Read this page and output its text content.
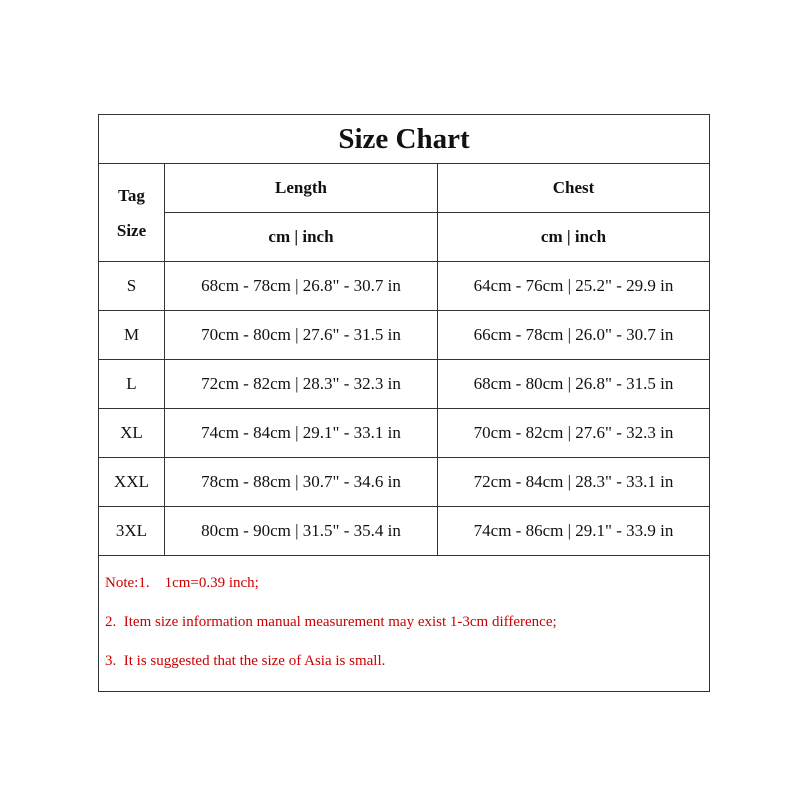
Size Chart
Tag
Size
Length	Chest
cm | inch	cm | inch
S	68cm - 78cm | 26.8" - 30.7 in	64cm - 76cm | 25.2" - 29.9 in
M	70cm - 80cm | 27.6" - 31.5 in	66cm - 78cm | 26.0" - 30.7 in
L	72cm - 82cm | 28.3" - 32.3 in	68cm - 80cm | 26.8" - 31.5 in
XL	74cm - 84cm | 29.1" - 33.1 in	70cm - 82cm | 27.6" - 32.3 in
XXL	78cm - 88cm | 30.7" - 34.6 in	72cm - 84cm | 28.3" - 33.1 in
3XL	80cm - 90cm | 31.5" - 35.4 in	74cm - 86cm | 29.1" - 33.9 in
Note:1.    1cm=0.39 inch;
2.  Item size information manual measurement may exist 1-3cm difference;
3.  It is suggested that the size of Asia is small.
